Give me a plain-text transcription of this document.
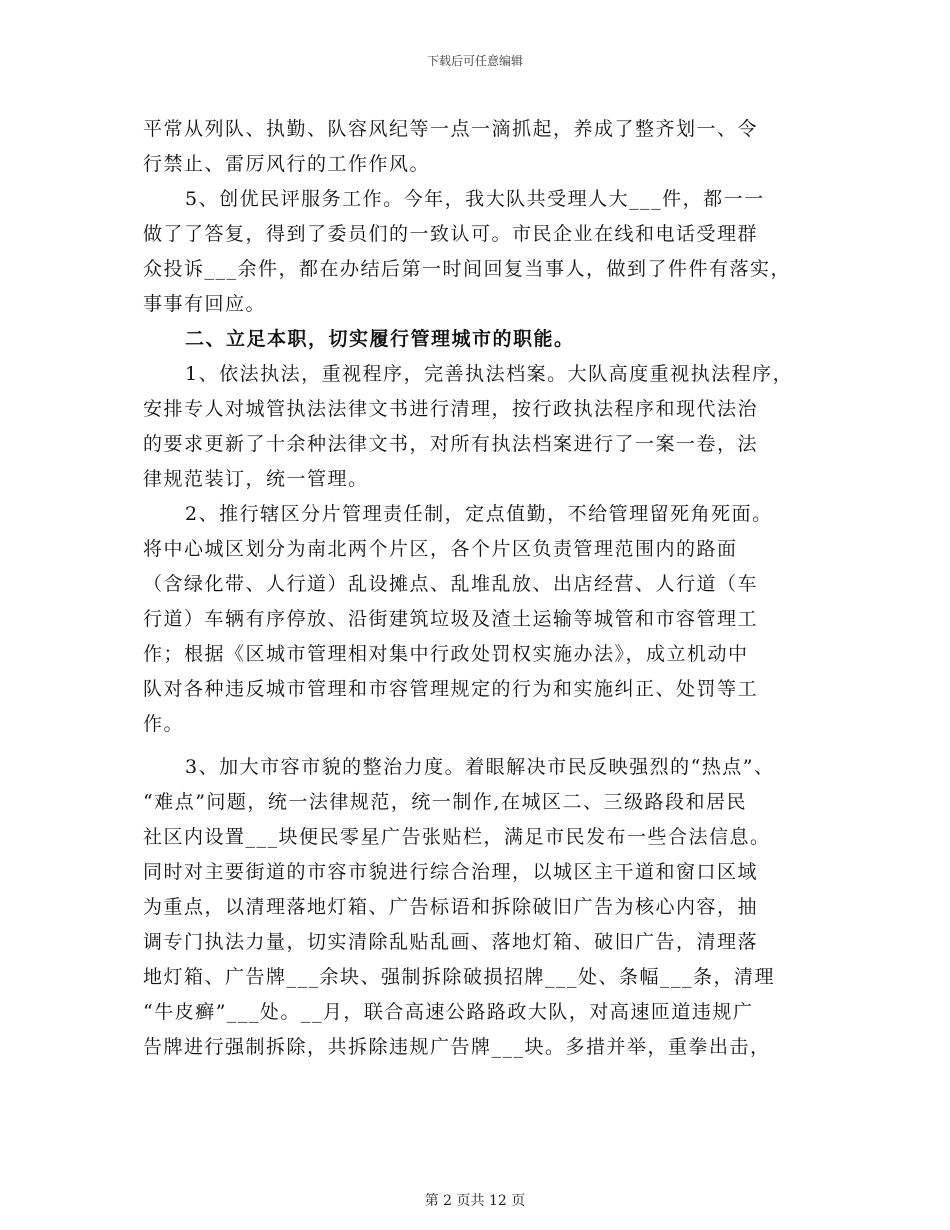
下载后可任意编辑
平常从列队、执勤、队容风纪等一点一滴抓起，养成了整齐划一、令
行禁止、雷厉风行的工作作风。
5、创优民评服务工作。今年，我大队共受理人大___件，都一一
做了了答复，得到了委员们的一致认可。市民企业在线和电话受理群
众投诉___余件，都在办结后第一时间回复当事人，做到了件件有落实，
事事有回应。
二、立足本职，切实履行管理城市的职能。
1、依法执法，重视程序，完善执法档案。大队高度重视执法程序，
安排专人对城管执法法律文书进行清理，按行政执法程序和现代法治
的要求更新了十余种法律文书，对所有执法档案进行了一案一卷，法
律规范装订，统一管理。
2、推行辖区分片管理责任制，定点值勤，不给管理留死角死面。
将中心城区划分为南北两个片区，各个片区负责管理范围内的路面
（含绿化带、人行道）乱设摊点、乱堆乱放、出店经营、人行道（车
行道）车辆有序停放、沿街建筑垃圾及渣土运输等城管和市容管理工
作；根据《区城市管理相对集中行政处罚权实施办法》，成立机动中
队对各种违反城市管理和市容管理规定的行为和实施纠正、处罚等工
作。
3、加大市容市貌的整治力度。着眼解决市民反映强烈的“热点”、
“难点”问题，统一法律规范，统一制作,在城区二、三级路段和居民
社区内设置___块便民零星广告张贴栏，满足市民发布一些合法信息。
同时对主要街道的市容市貌进行综合治理，以城区主干道和窗口区域
为重点，以清理落地灯箱、广告标语和拆除破旧广告为核心内容，抽
调专门执法力量，切实清除乱贴乱画、落地灯箱、破旧广告，清理落
地灯箱、广告牌___余块、强制拆除破损招牌___处、条幅___条，清理
“牛皮癣”___处。__月，联合高速公路路政大队，对高速匝道违规广
告牌进行强制拆除，共拆除违规广告牌___块。多措并举，重拳出击，
第 2 页共 12 页
